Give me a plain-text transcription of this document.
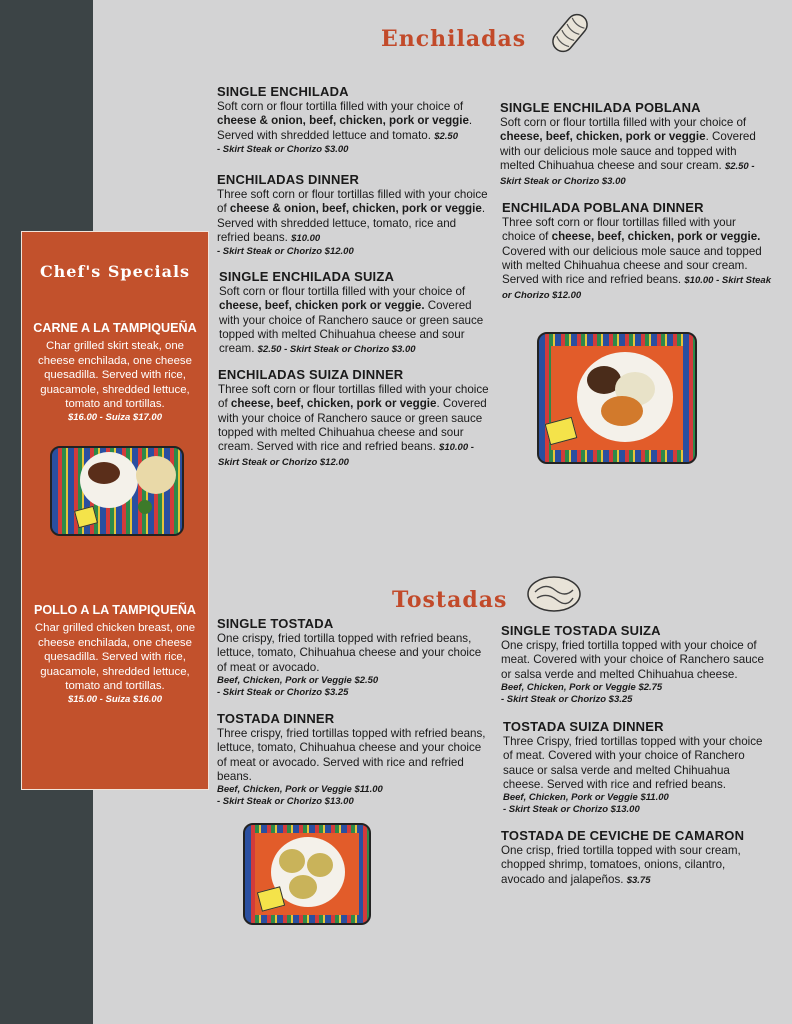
Enchiladas
SINGLE ENCHILADA

Soft corn or flour tortilla filled with your choice of cheese & onion, beef, chicken, pork or veggie. Served with shredded lettuce and tomato. $2.50

- Skirt Steak or Chorizo $3.00
ENCHILADAS DINNER

Three soft corn or flour tortillas filled with your choice of cheese & onion, beef, chicken, pork or veggie. Served with shredded lettuce, tomato, rice and refried beans. $10.00

- Skirt Steak or Chorizo $12.00
SINGLE ENCHILADA SUIZA

Soft corn or flour tortilla filled with your choice of cheese, beef, chicken pork or veggie. Covered with your choice of Ranchero sauce or green sauce topped with melted Chihuahua cheese and sour cream. $2.50 - Skirt Steak or Chorizo $3.00

ENCHILADAS SUIZA DINNER

Three soft corn or flour tortillas filled with your choice of cheese, beef, chicken, pork or veggie. Covered with your choice of Ranchero sauce or green sauce topped with melted Chihuahua cheese and sour cream. Served with rice and refried beans. $10.00 - Skirt Steak or Chorizo $12.00

SINGLE ENCHILADA POBLANA

Soft corn or flour tortilla filled with your choice of cheese, beef, chicken, pork or veggie. Covered with our delicious mole sauce and topped with melted Chihuahua cheese and sour cream. $2.50 - Skirt Steak or Chorizo $3.00

ENCHILADA POBLANA DINNER

Three soft corn or flour tortillas filled with your choice of cheese, beef, chicken, pork or veggie. Covered with our delicious mole sauce and topped with melted Chihuahua cheese and sour cream. Served with rice and refried beans. $10.00 - Skirt Steak or Chorizo $12.00

Tostadas
SINGLE TOSTADA

One crispy, fried tortilla topped with refried beans, lettuce, tomato, Chihuahua cheese and your choice of meat or avocado.

Beef, Chicken, Pork or Veggie $2.50
- Skirt Steak or Chorizo $3.25
TOSTADA DINNER

Three crispy, fried tortillas topped with refried beans, lettuce, tomato, Chihuahua cheese and your choice of meat or avocado. Served with rice and refried beans.

Beef, Chicken, Pork or Veggie $11.00
- Skirt Steak or Chorizo $13.00
SINGLE TOSTADA SUIZA

One crispy, fried tortilla topped with your choice of meat. Covered with your choice of Ranchero sauce or salsa verde and melted Chihuahua cheese.

Beef, Chicken, Pork or Veggie $2.75
- Skirt Steak or Chorizo $3.25
TOSTADA SUIZA DINNER

Three Crispy, fried tortillas topped with your choice of meat. Covered with your choice of Ranchero sauce or salsa verde and melted Chihuahua cheese. Served with rice and refried beans.

Beef, Chicken, Pork or Veggie $11.00
- Skirt Steak or Chorizo $13.00
TOSTADA DE CEVICHE DE CAMARON

One crisp, fried tortilla topped with sour cream, chopped shrimp, tomatoes, onions, cilantro, avocado and jalapeños. $3.75

Chef's Specials
CARNE A LA TAMPIQUEÑA
Char grilled skirt steak, one cheese enchilada, one cheese quesadilla. Served with rice, guacamole, shredded lettuce, tomato and tortillas.
$16.00 - Suiza $17.00
POLLO A LA TAMPIQUEÑA
Char grilled chicken breast, one cheese enchilada, one cheese quesadilla. Served with rice, guacamole, shredded lettuce, tomato and tortillas.
$15.00 - Suiza $16.00
